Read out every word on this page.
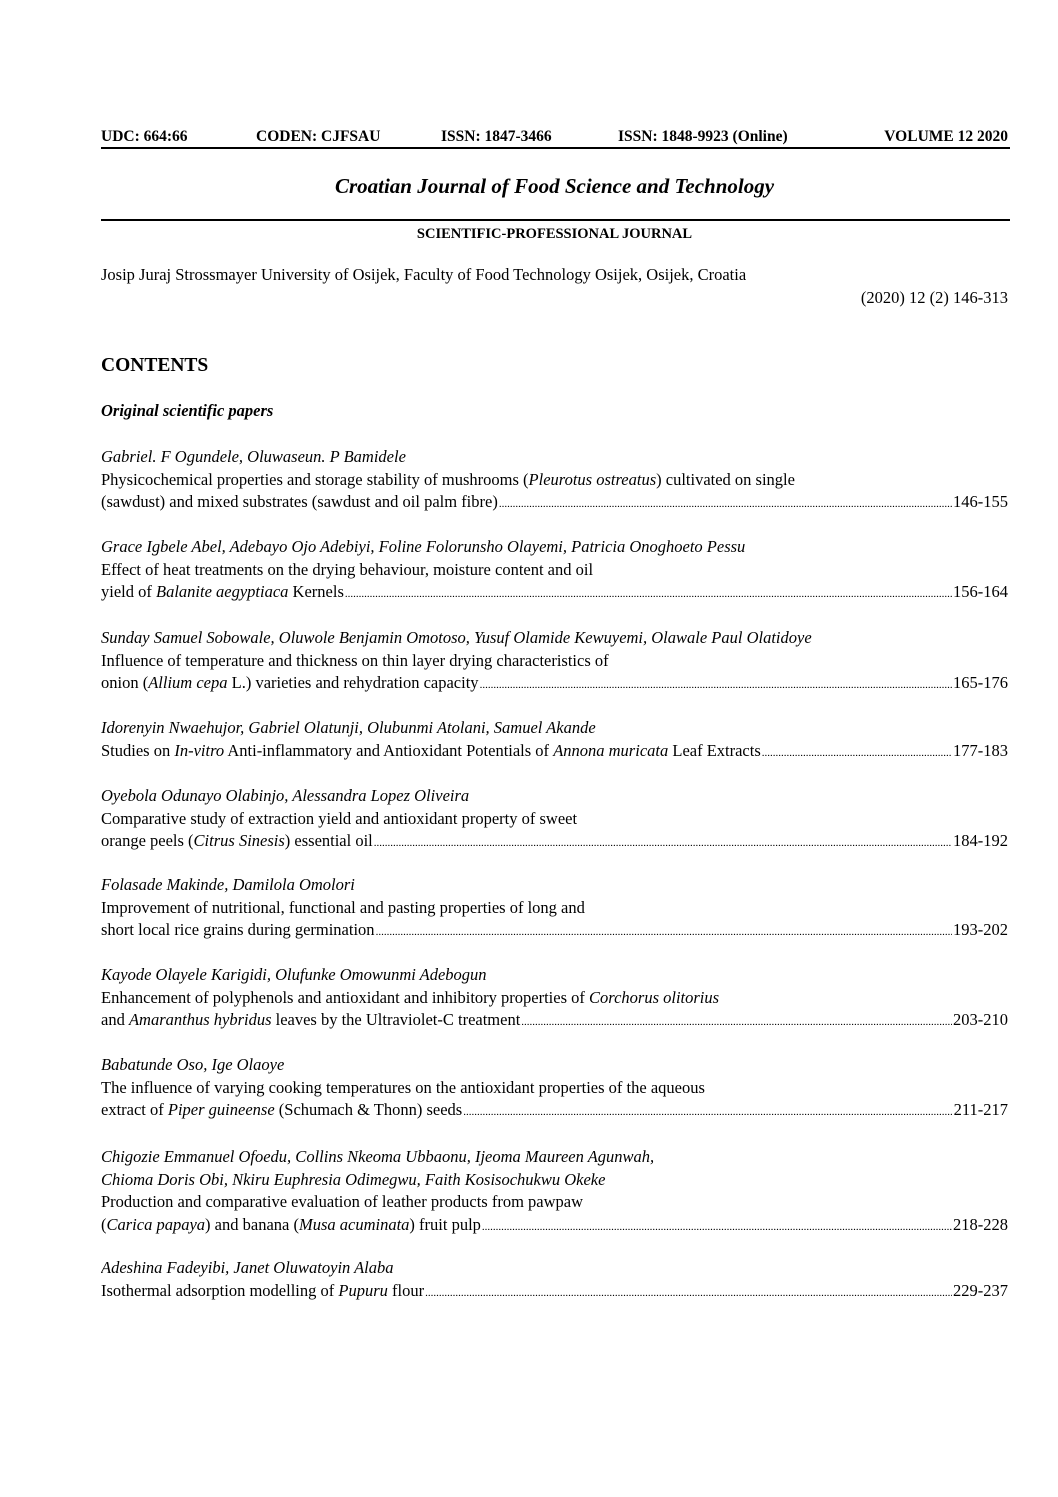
UDC: 664:66	CODEN: CJFSAU	ISSN: 1847-3466	ISSN: 1848-9923 (Online)	VOLUME 12 2020
Croatian Journal of Food Science and Technology
SCIENTIFIC-PROFESSIONAL JOURNAL
Josip Juraj Strossmayer University of Osijek, Faculty of Food Technology Osijek, Osijek, Croatia
(2020) 12 (2) 146-313
CONTENTS
Original scientific papers
Gabriel. F Ogundele, Oluwaseun. P Bamidele
Physicochemical properties and storage stability of mushrooms (Pleurotus ostreatus) cultivated on single
(sawdust) and mixed substrates (sawdust and oil palm fibre) .....	146-155
Grace Igbele Abel, Adebayo Ojo Adebiyi, Foline Folorunsho Olayemi, Patricia Onoghoeto Pessu
Effect of heat treatments on the drying behaviour, moisture content and oil
yield of Balanite aegyptiaca Kernels .....	156-164
Sunday Samuel Sobowale, Oluwole Benjamin Omotoso, Yusuf Olamide Kewuyemi, Olawale Paul Olatidoye
Influence of temperature and thickness on thin layer drying characteristics of
onion (Allium cepa L.) varieties and rehydration capacity .....	165-176
Idorenyin Nwaehujor, Gabriel Olatunji, Olubunmi Atolani, Samuel Akande
Studies on In-vitro Anti-inflammatory and Antioxidant Potentials of Annona muricata Leaf Extracts .....	177-183
Oyebola Odunayo Olabinjo, Alessandra Lopez Oliveira
Comparative study of extraction yield and antioxidant property of sweet
orange peels (Citrus Sinesis) essential oil .....	184-192
Folasade Makinde, Damilola Omolori
Improvement of nutritional, functional and pasting properties of long and
short local rice grains during germination .....	193-202
Kayode Olayele Karigidi, Olufunke Omowunmi Adebogun
Enhancement of polyphenols and antioxidant and inhibitory properties of Corchorus olitorius
and Amaranthus hybridus leaves by the Ultraviolet-C treatment .....	203-210
Babatunde Oso, Ige Olaoye
The influence of varying cooking temperatures on the antioxidant properties of the aqueous
extract of Piper guineense (Schumach & Thonn) seeds .....	211-217
Chigozie Emmanuel Ofoedu, Collins Nkeoma Ubbaonu, Ijeoma Maureen Agunwah,
Chioma Doris Obi, Nkiru Euphresia Odimegwu, Faith Kosisochukwu Okeke
Production and comparative evaluation of leather products from pawpaw
(Carica papaya) and banana (Musa acuminata) fruit pulp .....	218-228
Adeshina Fadeyibi, Janet Oluwatoyin Alaba
Isothermal adsorption modelling of Pupuru flour .....	229-237
